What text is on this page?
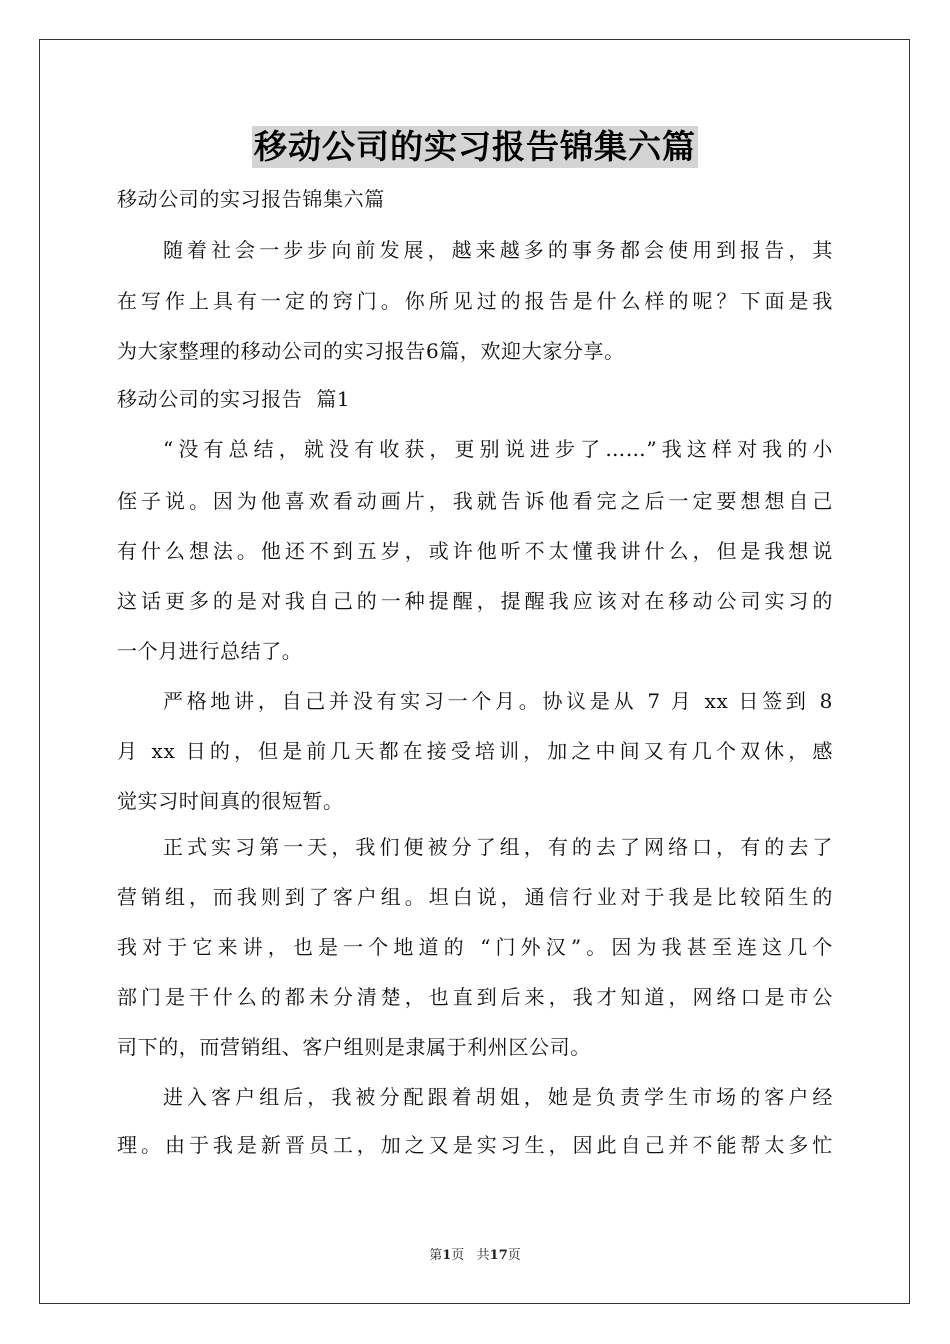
移动公司的实习报告锦集六篇
移动公司的实习报告锦集六篇
随着社会一步步向前发展，越来越多的事务都会使用到报告，其
在写作上具有一定的窍门。你所见过的报告是什么样的呢？下面是我
为大家整理的移动公司的实习报告6篇，欢迎大家分享。
移动公司的实习报告  篇1
“没有总结，就没有收获，更别说进步了……”我这样对我的小
侄子说。因为他喜欢看动画片，我就告诉他看完之后一定要想想自己
有什么想法。他还不到五岁，或许他听不太懂我讲什么，但是我想说
这话更多的是对我自己的一种提醒，提醒我应该对在移动公司实习的
一个月进行总结了。
严格地讲，自己并没有实习一个月。协议是从 7 月 xx 日签到 8
月 xx 日的，但是前几天都在接受培训，加之中间又有几个双休，感
觉实习时间真的很短暂。
正式实习第一天，我们便被分了组，有的去了网络口，有的去了
营销组，而我则到了客户组。坦白说，通信行业对于我是比较陌生的
我对于它来讲，也是一个地道的 “门外汉”。因为我甚至连这几个
部门是干什么的都未分清楚，也直到后来，我才知道，网络口是市公
司下的，而营销组、客户组则是隶属于利州区公司。
进入客户组后，我被分配跟着胡姐，她是负责学生市场的客户经
理。由于我是新晋员工，加之又是实习生，因此自己并不能帮太多忙
第1页   共17页
